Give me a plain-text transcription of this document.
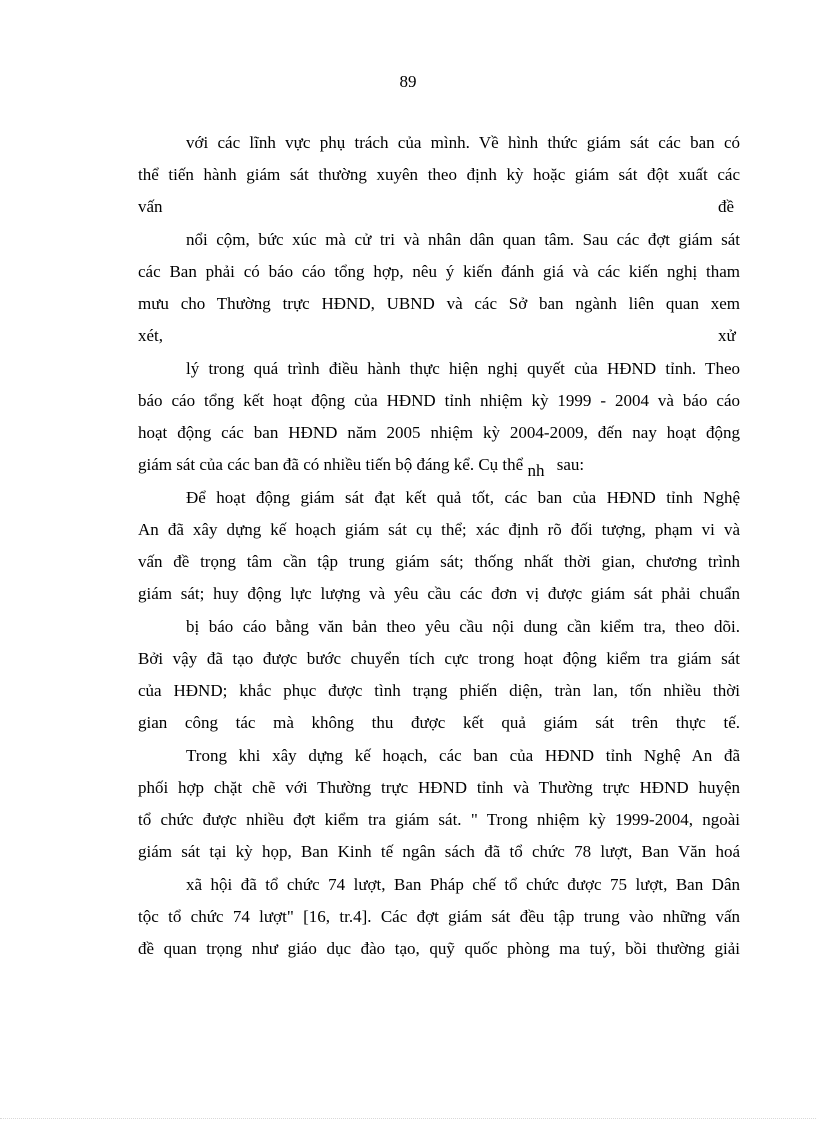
89
với các lĩnh vực phụ trách của mình. Về hình thức giám sát các ban có
thể tiến hành giám sát thường xuyên theo định kỳ hoặc giám sát đột xuất các
vấn	đề
nổi cộm, bức xúc mà cử tri và nhân dân quan tâm. Sau các đợt giám sát
các Ban phải có báo cáo tổng hợp, nêu ý kiến đánh giá và các kiến nghị tham
mưu cho Thường trực HĐND, UBND và các Sở ban ngành liên quan xem
xét,	xử
lý trong quá trình điều hành thực hiện nghị quyết của HĐND tỉnh. Theo
báo cáo tổng kết hoạt động của HĐND tỉnh nhiệm kỳ 1999 - 2004 và báo cáo
hoạt động các ban HĐND năm 2005 nhiệm kỳ 2004-2009, đến nay hoạt động
giám sát của các ban đã có nhiều tiến bộ đáng kể. Cụ thể nh sau:
Để hoạt động giám sát đạt kết quả tốt, các ban của HĐND tỉnh Nghệ
An đã xây dựng kế hoạch giám sát cụ thể; xác định rõ đối tượng, phạm vi và
vấn đề trọng tâm cần tập trung giám sát; thống nhất thời gian, chương trình
giám sát; huy động lực lượng và yêu cầu các đơn vị được giám sát phải chuẩn
bị báo cáo bằng văn bản theo yêu cầu nội dung cần kiểm tra, theo dõi.
Bởi vậy đã tạo được bước chuyển tích cực trong hoạt động kiểm tra giám sát
của HĐND; khắc phục được tình trạng phiến diện, tràn lan, tốn nhiều thời
gian công tác mà không thu được kết quả giám sát trên thực tế.
Trong khi xây dựng kế hoạch, các ban của HĐND tỉnh Nghệ An đã
phối hợp chặt chẽ với Thường trực HĐND tỉnh và Thường trực HĐND huyện
tổ chức được nhiều đợt kiểm tra giám sát. " Trong nhiệm kỳ 1999-2004, ngoài
giám sát tại kỳ họp, Ban Kinh tế ngân sách đã tổ chức 78 lượt, Ban Văn hoá
xã hội đã tổ chức 74 lượt, Ban Pháp chế tổ chức được 75 lượt, Ban Dân
tộc tổ chức 74 lượt" [16, tr.4]. Các đợt giám sát đều tập trung vào những vấn
đề quan trọng như giáo dục đào tạo, quỹ quốc phòng ma tuý, bồi thường giải
